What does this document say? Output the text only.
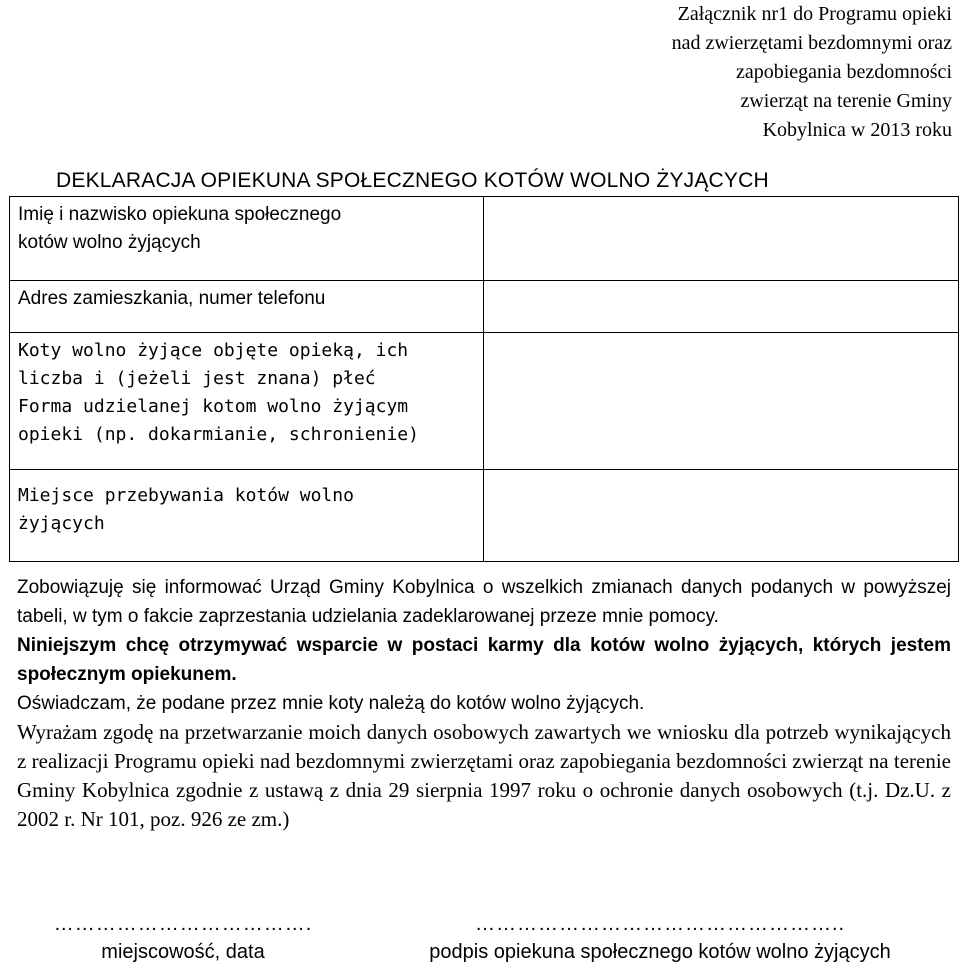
Załącznik nr1 do Programu opieki
nad zwierzętami bezdomnymi oraz
zapobiegania bezdomności
zwierząt na terenie Gminy
Kobylnica w 2013 roku
DEKLARACJA OPIEKUNA SPOŁECZNEGO KOTÓW WOLNO ŻYJĄCYCH
Imię i nazwisko opiekuna społecznego
kotów wolno żyjących	

Adres zamieszkania, numer telefonu	

Koty wolno żyjące objęte opieką, ich
liczba i (jeżeli jest znana) płeć
Forma udzielanej kotom wolno żyjącym
opieki (np. dokarmianie, schronienie)	

Miejsce przebywania kotów wolno
żyjących	

Zobowiązuję się informować Urząd Gminy Kobylnica o wszelkich zmianach danych podanych w powyższej tabeli, w tym o fakcie zaprzestania udzielania zadeklarowanej przeze mnie pomocy.

Niniejszym chcę otrzymywać wsparcie w postaci karmy dla kotów wolno żyjących, których jestem społecznym opiekunem.

Oświadczam, że podane przez mnie koty należą do kotów wolno żyjących.

Wyrażam zgodę na przetwarzanie moich danych osobowych zawartych we wniosku dla potrzeb wynikających z realizacji Programu opieki nad bezdomnymi zwierzętami oraz zapobiegania bezdomności zwierząt na terenie Gminy Kobylnica zgodnie z ustawą z dnia 29 sierpnia 1997 roku o ochronie danych osobowych (t.j. Dz.U. z 2002 r. Nr 101, poz. 926 ze zm.)

……………………………….
miejscowość, data
……………………………………………..
podpis opiekuna społecznego kotów wolno żyjących
